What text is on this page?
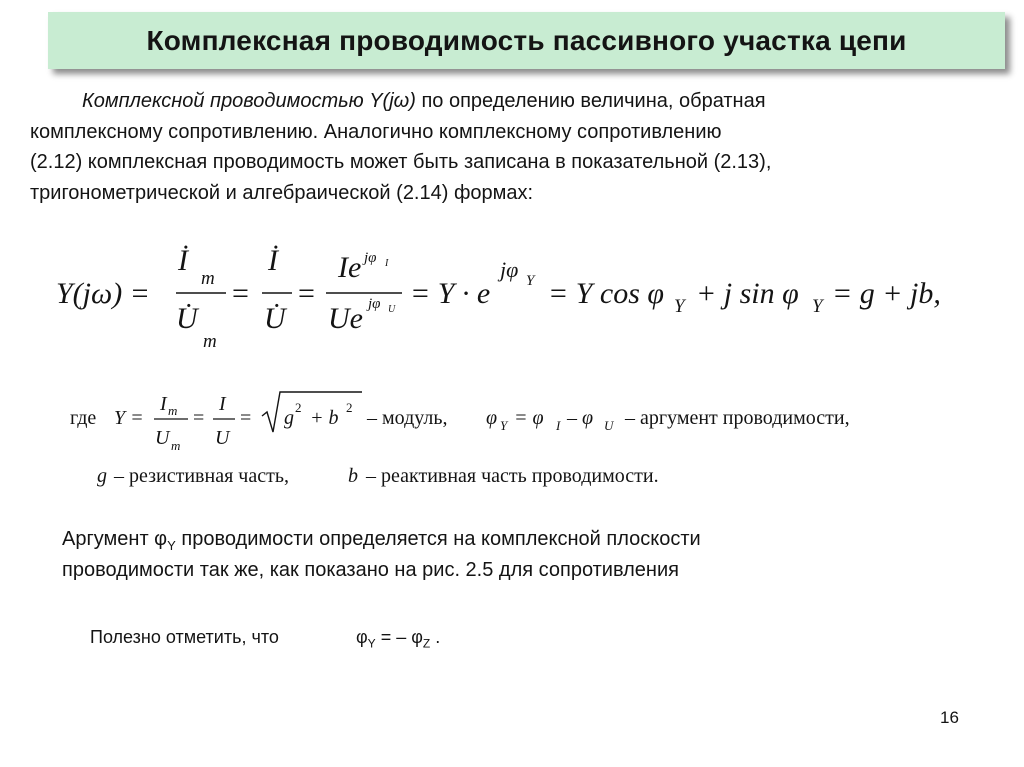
Комплексная проводимость пассивного участка цепи
Комплексной проводимостью Y(jω) по определению величина, обратная
комплексному сопротивлению. Аналогично комплексному сопротивлению
(2.12) комплексная проводимость может быть записана в показательной (2.13),
тригонометрической и алгебраической (2.14) формах:
Y(jω) =
İ
m
U̇
m
=
İ
U̇
=
Ie jφ I
Ue jφ U = Y · e
jφ Y = Y cos φ Y + j sin φ Y = g + jb,
где Y =
I m
U m
=
I
U
= g 2 + b 2 – модуль, φ Y = φ I – φ U – аргумент проводимости,
g – резистивная часть,	b – реактивная часть проводимости.
Аргумент $\varphi_Y$ проводимости определяется на комплексной плоскости
проводимости так же, как показано на рис. 2.5 для сопротивления
Полезно отметить, что	$\varphi_Y$ = – $\varphi_Z$ .
16
